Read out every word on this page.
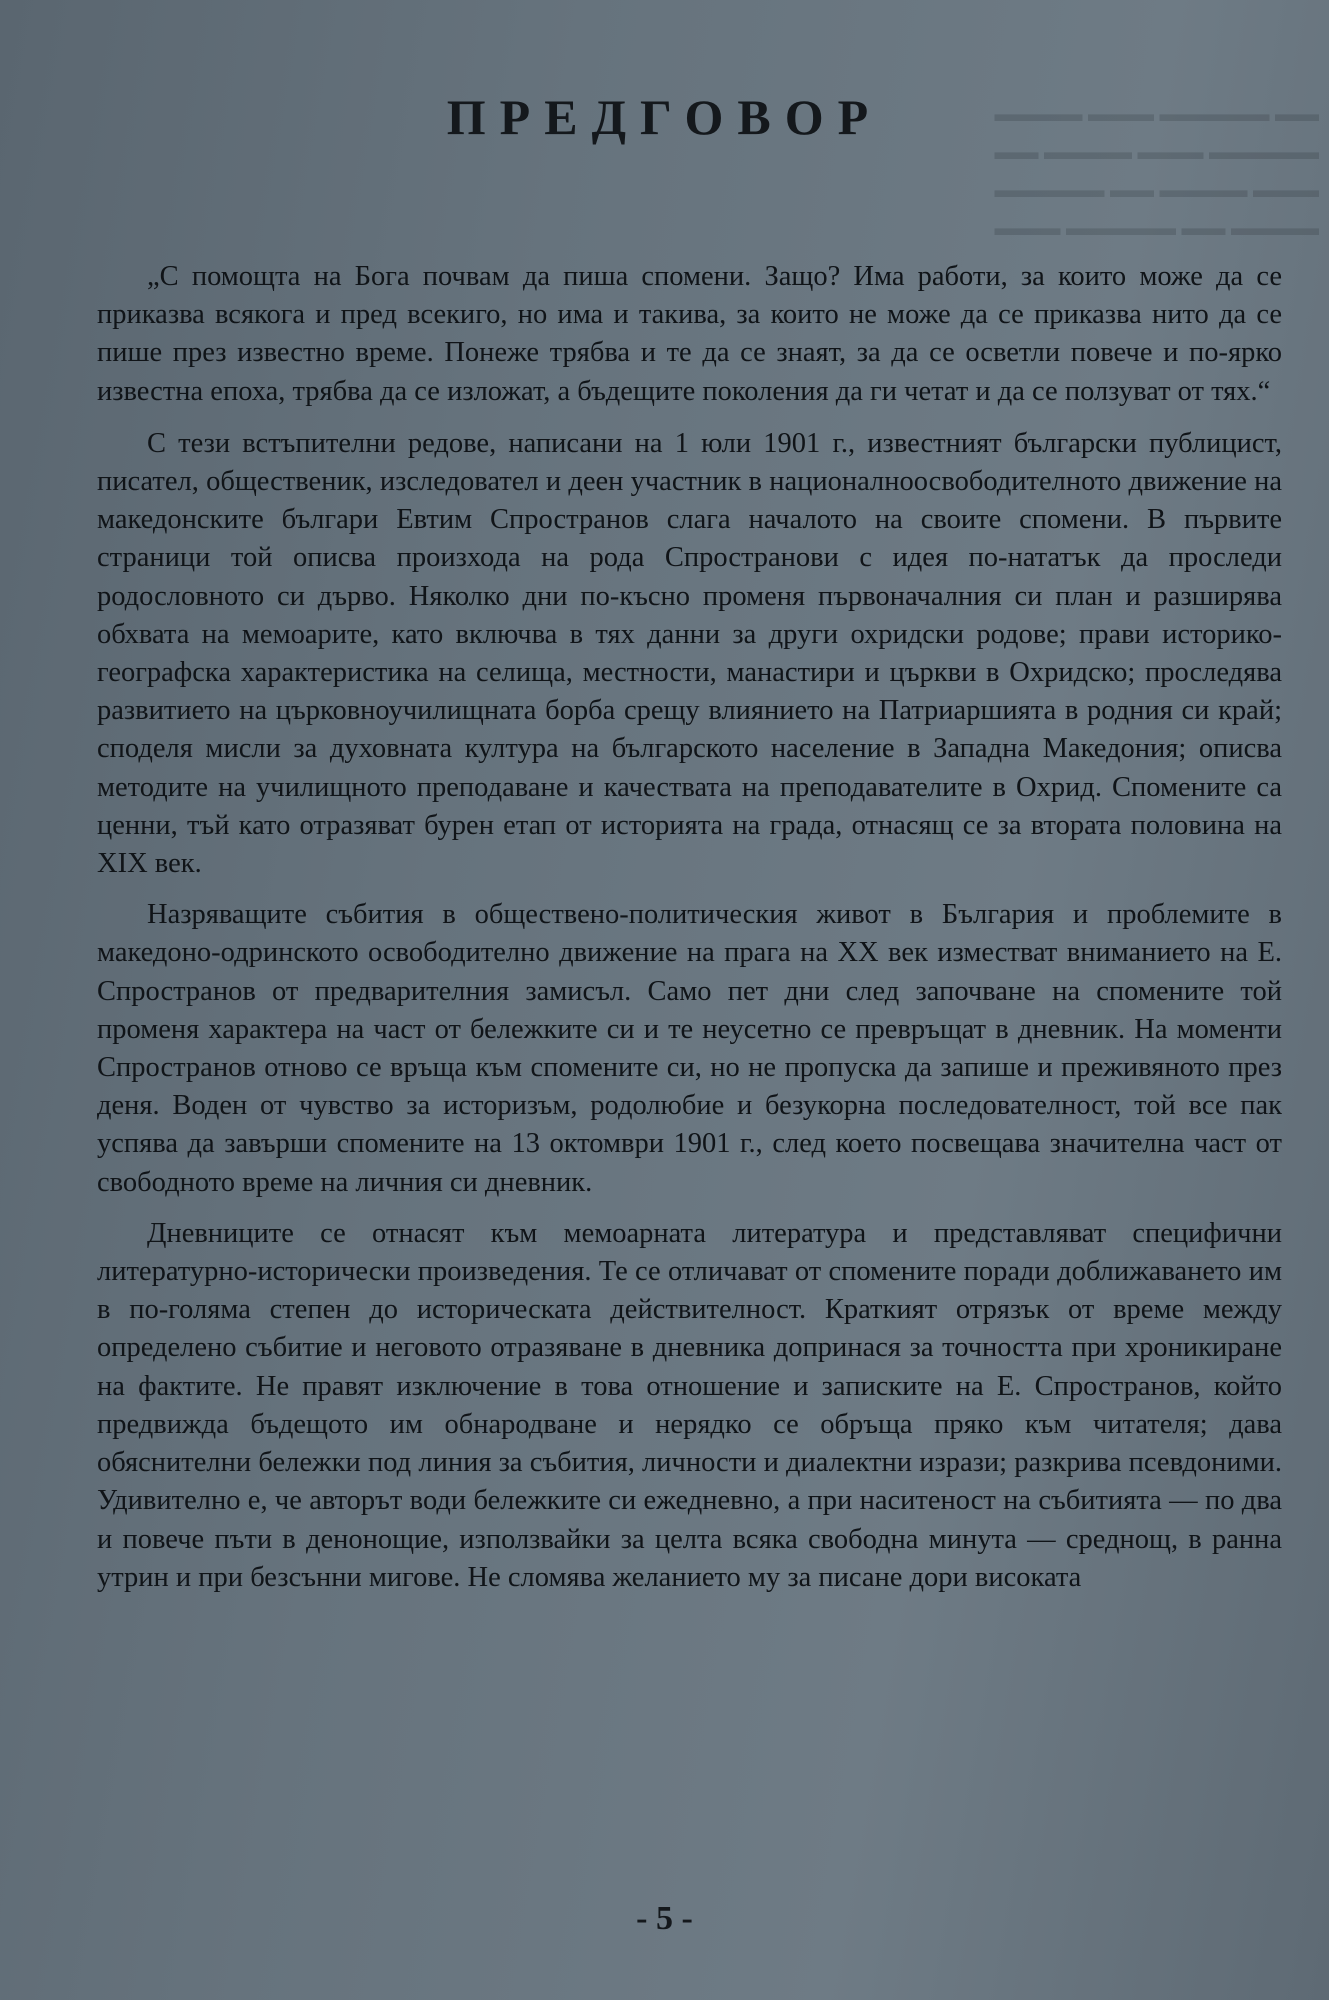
▬▬▬▬ ▬▬▬ ▬▬▬▬▬ ▬▬
▬▬ ▬▬▬▬ ▬▬▬ ▬▬▬▬▬
▬▬▬▬▬ ▬▬ ▬▬▬▬ ▬▬▬
▬▬▬ ▬▬▬▬▬ ▬▬ ▬▬▬▬
ПРЕДГОВОР

„С помощта на Бога почвам да пиша спомени. Защо? Има работи, за които може да се приказва всякога и пред всекиго, но има и такива, за които не може да се приказва нито да се пише през известно време. Понеже трябва и те да се знаят, за да се осветли повече и по-ярко известна епоха, трябва да се изложат, а бъдещите поколения да ги четат и да се ползуват от тях.“

С тези встъпителни редове, написани на 1 юли 1901 г., известният български публицист, писател, общественик, изследовател и деен участник в националноосвободителното движение на македонските българи Евтим Спространов слага началото на своите спомени. В първите страници той описва произхода на рода Спространови с идея по-нататък да проследи родословното си дърво. Няколко дни по-късно променя първоначалния си план и разширява обхвата на мемоарите, като включва в тях данни за други охридски родове; прави историко-географска характеристика на селища, местности, манастири и църкви в Охридско; проследява развитието на църковноучилищната борба срещу влиянието на Патриаршията в родния си край; споделя мисли за духовната култура на българското население в Западна Македония; описва методите на училищното преподаване и качествата на преподавателите в Охрид. Спомените са ценни, тъй като отразяват бурен етап от историята на града, отнасящ се за втората половина на XIX век.

Назряващите събития в обществено-политическия живот в България и проблемите в македоно-одринското освободително движение на прага на XX век изместват вниманието на Е. Спространов от предварителния замисъл. Само пет дни след започване на спомените той променя характера на част от бележките си и те неусетно се превръщат в дневник. На моменти Спространов отново се връща към спомените си, но не пропуска да запише и преживяното през деня. Воден от чувство за историзъм, родолюбие и безукорна последователност, той все пак успява да завърши спомените на 13 октомври 1901 г., след което посвещава значителна част от свободното време на личния си дневник.

Дневниците се отнасят към мемоарната литература и представляват специфични литературно-исторически произведения. Те се отличават от спомените поради доближаването им в по-голяма степен до историческата действителност. Краткият отрязък от време между определено събитие и неговото отразяване в дневника допринася за точността при хроникиране на фактите. Не правят изключение в това отношение и записките на Е. Спространов, който предвижда бъдещото им обнародване и нерядко се обръща пряко към читателя; дава обяснителни бележки под линия за събития, личности и диалектни изрази; разкрива псевдоними. Удивително е, че авторът води бележките си ежедневно, а при наситеност на събитията — по два и повече пъти в денонощие, използвайки за целта всяка свободна минута — среднощ, в ранна утрин и при безсънни мигове. Не сломява желанието му за писане дори високата

- 5 -
